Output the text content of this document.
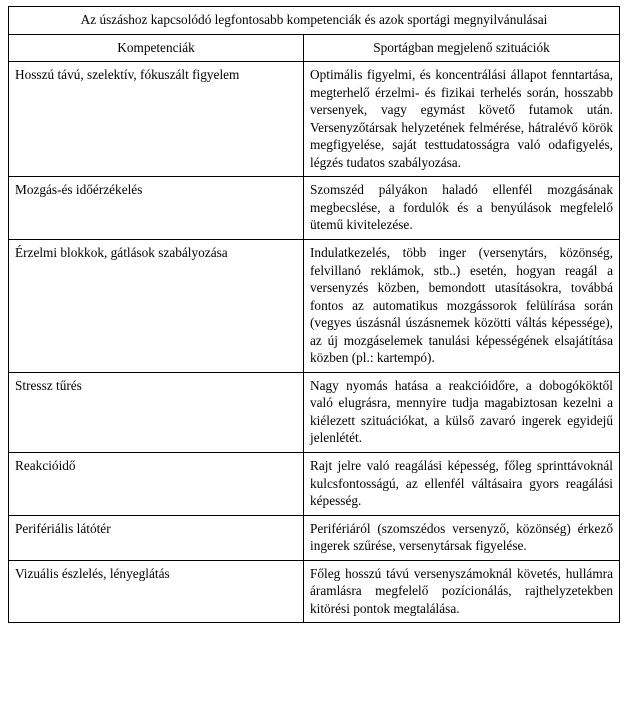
Az úszáshoz kapcsolódó legfontosabb kompetenciák és azok sportági megnyilvánulásai	
Kompetenciák	Sportágban megjelenő szituációk
Hosszú távú, szelektív, fókuszált figyelem	Optimális figyelmi, és koncentrálási állapot fenntartása, megterhelő érzelmi- és fizikai terhelés során, hosszabb versenyek, vagy egymást követő futamok után. Versenyzőtársak helyzetének felmérése, hátralévő körök megfigyelése, saját testtudatosságra való odafigyelés, légzés tudatos szabályozása.
Mozgás-és időérzékelés	Szomszéd pályákon haladó ellenfél mozgásának megbecslése, a fordulók és a benyúlások megfelelő ütemű kivitelezése.
Érzelmi blokkok, gátlások szabályozása	Indulatkezelés, több inger (versenytárs, közönség, felvillanó reklámok, stb..) esetén, hogyan reagál a versenyzés közben, bemondott utasításokra, továbbá fontos az automatikus mozgássorok felülírása során (vegyes úszásnál úszásnemek közötti váltás képessége), az új mozgáselemek tanulási képességének elsajátítása közben (pl.: kartempó).
Stressz tűrés	Nagy nyomás hatása a reakcióidőre, a dobogóköktől való elugrásra, mennyire tudja magabiztosan kezelni a kiélezett szituációkat, a külső zavaró ingerek egyidejű jelenlétét.
Reakcióidő	Rajt jelre való reagálási képesség, főleg sprinttávoknál kulcsfontosságú, az ellenfél váltásaira gyors reagálási képesség.
Perifériális látótér	Perifériáról (szomszédos versenyző, közönség) érkező ingerek szűrése, versenytársak figyelése.
Vizuális észlelés, lényeglátás	Főleg hosszú távú versenyszámoknál követés, hullámra áramlásra megfelelő pozícionálás, rajthelyzetekben kitörési pontok megtalálása.
